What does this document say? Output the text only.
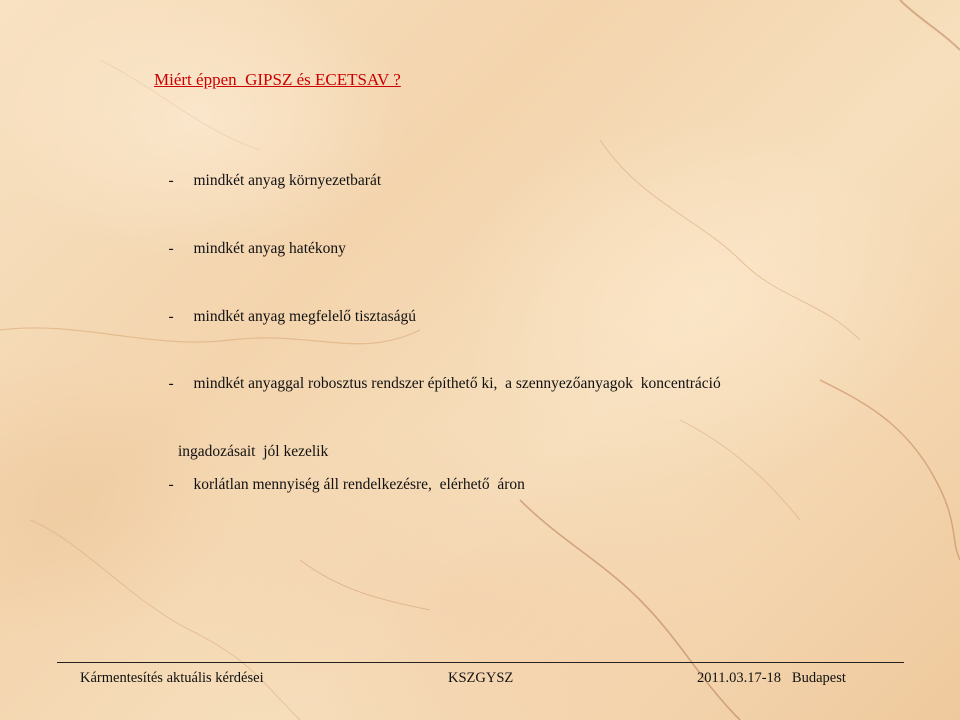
Miért éppen  GIPSZ és ECETSAV ?

- mindkét anyag környezetbarát

- mindkét anyag hatékony

- mindkét anyag megfelelő tisztaságú

- mindkét anyaggal robosztus rendszer építhető ki,  a szennyezőanyagok  koncentráció

ingadozásait  jól kezelik

- korlátlan mennyiség áll rendelkezésre,  elérhető  áron

Kármentesítés aktuális kérdései	KSZGYSZ	2011.03.17-18   Budapest
